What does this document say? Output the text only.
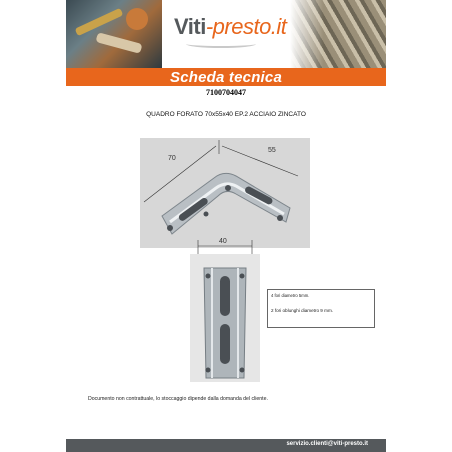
Viti-presto.it
Scheda tecnica
7100704047
QUADRO FORATO 70x55x40 EP.2 ACCIAIO ZINCATO
70
55
40
4 fori diametro 5mm.
2 fori oblunghi diametro 9 mm.
Documento non contrattuale, lo stoccaggio dipende dalla domanda del cliente.
servizio.clienti@viti-presto.it
